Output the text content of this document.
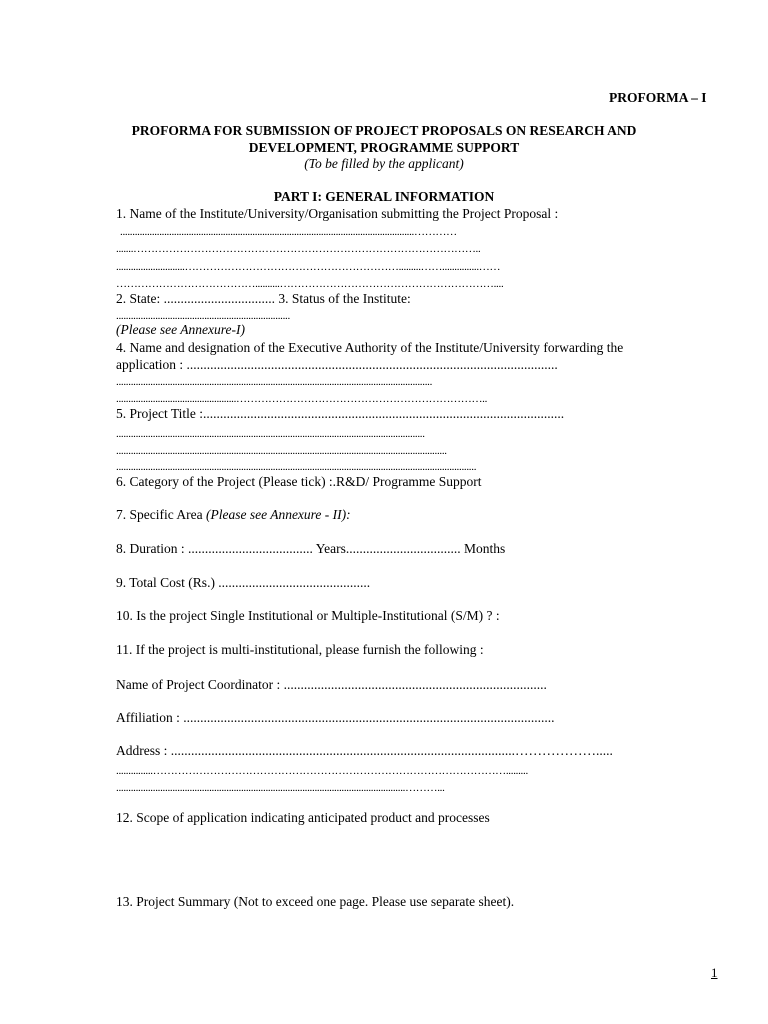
PROFORMA – I
PROFORMA FOR SUBMISSION OF PROJECT PROPOSALS ON RESEARCH AND
DEVELOPMENT, PROGRAMME SUPPORT
(To be filled by the applicant)
PART I: GENERAL INFORMATION
1. Name of the Institute/University/Organisation submitting the Project Proposal :
........................................................................................................................…………
.......……………………………………………………………………………………..
............................…………………………………………………….........……...............……
…………………………………..........……………………………………………………....
2. State: ................................. 3. Status of the Institute:
.......................................................................
(Please see Annexure-I)
4. Name and designation of the Executive Authority of the Institute/University forwarding the
application : ..............................................................................................................
.................................................................................................................................
.................................................……………………………………………………………..
5. Project Title :...........................................................................................................
..............................................................................................................................
.......................................................................................................................................
...................................................................................................................................................
6. Category of the Project (Please tick) :.R&D/ Programme Support
7. Specific Area (Please see Annexure - II):
8. Duration : ..................................... Years.................................. Months
9. Total Cost (Rs.) .............................................
10. Is the project Single Institutional or Multiple-Institutional (S/M) ? :
11. If the project is multi-institutional, please furnish the following :
Name of Project Coordinator : ..............................................................................
Affiliation : ..............................................................................................................
Address : ......................................................................................................……………….....
...............……………………………………………………………………………………….........
......................................................................................................................………...
12. Scope of application indicating anticipated product and processes
13. Project Summary (Not to exceed one page. Please use separate sheet).
1
